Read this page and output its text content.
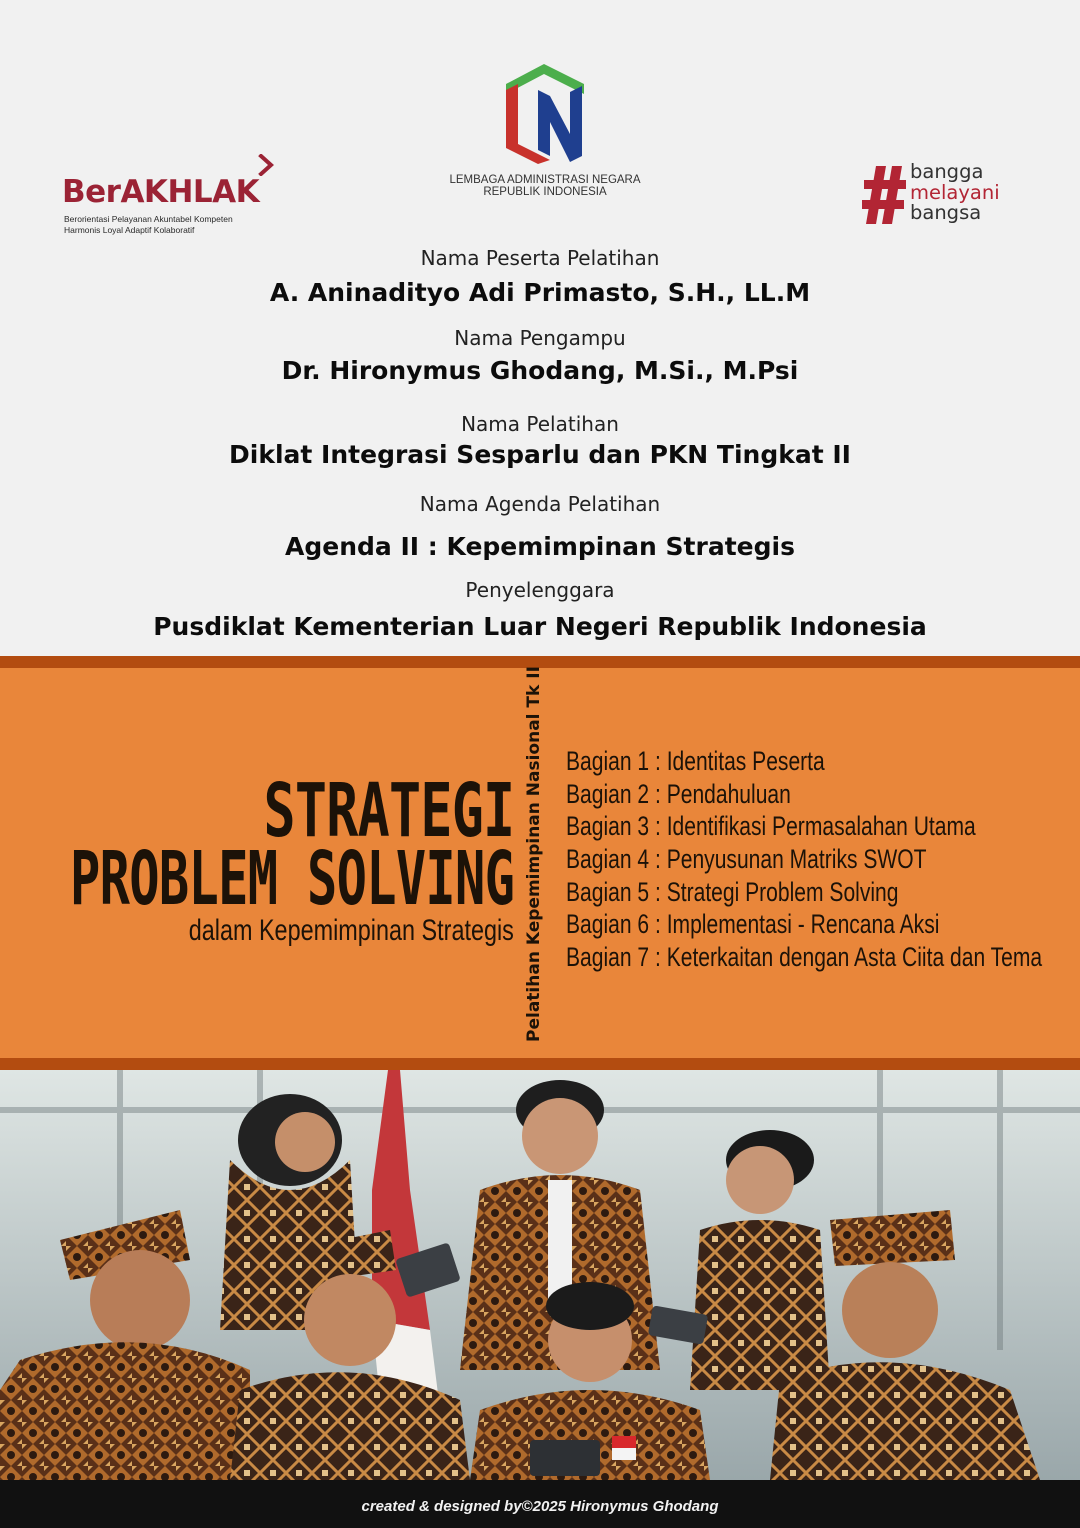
BerAKHLAK
Berorientasi Pelayanan Akuntabel Kompeten
Harmonis Loyal Adaptif Kolaboratif
LEMBAGA ADMINISTRASI NEGARA
REPUBLIK INDONESIA
bangga
melayani
bangsa
Nama Peserta Pelatihan
A. Aninadityo Adi Primasto, S.H., LL.M
Nama Pengampu
Dr. Hironymus Ghodang, M.Si., M.Psi
Nama Pelatihan
Diklat Integrasi Sesparlu dan PKN Tingkat II
Nama Agenda Pelatihan
Agenda II : Kepemimpinan Strategis
Penyelenggara
Pusdiklat Kementerian Luar Negeri Republik Indonesia
STRATEGI
PROBLEM SOLVING
dalam Kepemimpinan Strategis Pelatihan Kepemimpinan Nasional Tk II Bagian 1 : Identitas Peserta
Bagian 2 : Pendahuluan
Bagian 3 : Identifikasi Permasalahan Utama
Bagian 4 : Penyusunan Matriks SWOT
Bagian 5 : Strategi Problem Solving
Bagian 6 : Implementasi - Rencana Aksi
Bagian 7 : Keterkaitan dengan Asta Ciita dan Tema
created & designed by©2025 Hironymus Ghodang
